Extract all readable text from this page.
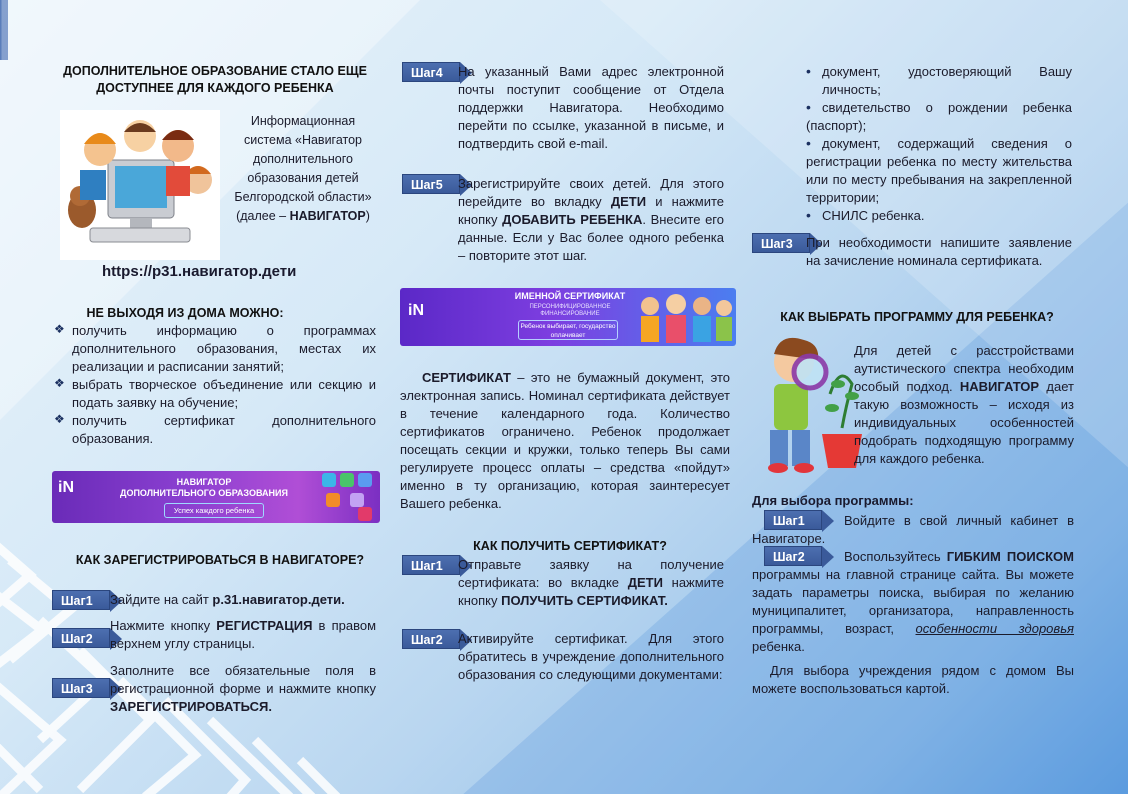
ДОПОЛНИТЕЛЬНОЕ ОБРАЗОВАНИЕ СТАЛО ЕЩЕ ДОСТУПНЕЕ ДЛЯ КАЖДОГО РЕБЕНКА
Информационная система «Навигатор дополнительного образования детей Белгородской области» (далее – НАВИГАТОР)
https://р31.навигатор.дети
НЕ ВЫХОДЯ ИЗ ДОМА МОЖНО:
❖ получить информацию о программах дополнительного образования, местах их реализации и расписании занятий;
❖ выбрать творческое объединение или секцию и подать заявку на обучение;
❖ получить сертификат дополнительного образования.
iN	НАВИГАТОР
ДОПОЛНИТЕЛЬНОГО ОБРАЗОВАНИЯ
Успех каждого ребенка
КАК ЗАРЕГИСТРИРОВАТЬСЯ В НАВИГАТОРЕ?
Шаг1	Зайдите на сайт р.31.навигатор.дети.
Шаг2
Нажмите кнопку РЕГИСТРАЦИЯ в правом верхнем углу страницы.
Шаг3
Заполните все обязательные поля в регистрационной форме и нажмите кнопку ЗАРЕГИСТРИРОВАТЬСЯ.
Шаг4	На указанный Вами адрес электронной почты поступит сообщение от Отдела поддержки Навигатора. Необходимо перейти по ссылке, указанной в письме, и подтвердить свой e-mail.
Шаг5	Зарегистрируйте своих детей. Для этого перейдите во вкладку ДЕТИ и нажмите кнопку ДОБАВИТЬ РЕБЕНКА. Внесите его данные. Если у Вас более одного ребенка – повторите этот шаг.
iN
ИМЕННОЙ СЕРТИФИКАТ
ПЕРСОНИФИЦИРОВАННОЕ ФИНАНСИРОВАНИЕ
Ребенок выбирает, государство оплачивает
СЕРТИФИКАТ – это не бумажный документ, это электронная запись. Номинал сертификата действует в течение календарного года. Количество сертификатов ограничено. Ребенок продолжает посещать секции и кружки, только теперь Вы сами регулируете процесс оплаты – средства «пойдут» именно в ту организацию, которая заинтересует Вашего ребенка.
КАК ПОЛУЧИТЬ СЕРТИФИКАТ?
Шаг1	Отправьте заявку на получение сертификата: во вкладке ДЕТИ нажмите кнопку ПОЛУЧИТЬ СЕРТИФИКАТ.
Шаг2	Активируйте сертификат. Для этого обратитесь в учреждение дополнительного образования со следующими документами:
• документ, удостоверяющий Вашу личность;
• свидетельство о рождении ребенка (паспорт);
• документ, содержащий сведения о регистрации ребенка по месту жительства или по месту пребывания на закрепленной территории;
• СНИЛС ребенка.
Шаг3	При необходимости напишите заявление на зачисление номинала сертификата.
КАК ВЫБРАТЬ ПРОГРАММУ ДЛЯ РЕБЕНКА?
Для детей с расстройствами аутистического спектра необходим особый подход. НАВИГАТОР дает такую возможность – исходя из индивидуальных особенностей подобрать подходящую программу для каждого ребенка.
Для выбора программы:
Шаг1	Войдите в свой личный кабинет в Навигаторе.
Шаг2	Воспользуйтесь ГИБКИМ ПОИСКОМ программы на главной странице сайта. Вы можете задать параметры поиска, выбирая по желанию муниципалитет, организатора, направленность программы, возраст, особенности здоровья ребенка.
Для выбора учреждения рядом с домом Вы можете воспользоваться картой.
